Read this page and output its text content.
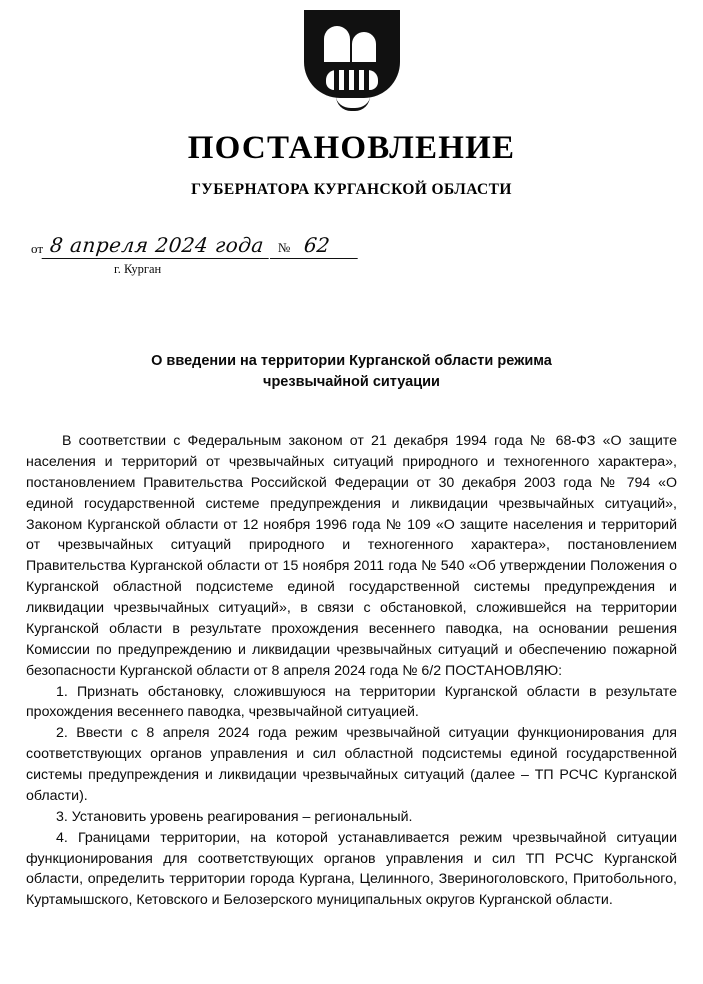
ПОСТАНОВЛЕНИЕ
ГУБЕРНАТОРА КУРГАНСКОЙ ОБЛАСТИ
от 8 апреля 2024 года № 62
г. Курган
О введении на территории Курганской области режима
чрезвычайной ситуации

В соответствии с Федеральным законом от 21 декабря 1994 года № 68-ФЗ «О защите населения и территорий от чрезвычайных ситуаций природного и техногенного характера», постановлением Правительства Российской Федерации от 30 декабря 2003 года № 794 «О единой государственной системе предупреждения и ликвидации чрезвычайных ситуаций», Законом Курганской области от 12 ноября 1996 года № 109 «О защите населения и территорий от чрезвычайных ситуаций природного и техногенного характера», постановлением Правительства Курганской области от 15 ноября 2011 года № 540 «Об утверждении Положения о Курганской областной подсистеме единой государственной системы предупреждения и ликвидации чрезвычайных ситуаций», в связи с обстановкой, сложившейся на территории Курганской области в результате прохождения весеннего паводка, на основании решения Комиссии по предупреждению и ликвидации чрезвычайных ситуаций и обеспечению пожарной безопасности Курганской области от 8 апреля 2024 года № 6/2 ПОСТАНОВЛЯЮ:

1. Признать обстановку, сложившуюся на территории Курганской области в результате прохождения весеннего паводка, чрезвычайной ситуацией.

2. Ввести с 8 апреля 2024 года режим чрезвычайной ситуации функционирования для соответствующих органов управления и сил областной подсистемы единой государственной системы предупреждения и ликвидации чрезвычайных ситуаций (далее – ТП РСЧС Курганской области).

3. Установить уровень реагирования – региональный.

4. Границами территории, на которой устанавливается режим чрезвычайной ситуации функционирования для соответствующих органов управления и сил ТП РСЧС Курганской области, определить территории города Кургана, Целинного, Звериноголовского, Притобольного, Куртамышского, Кетовского и Белозерского муниципальных округов Курганской области.
